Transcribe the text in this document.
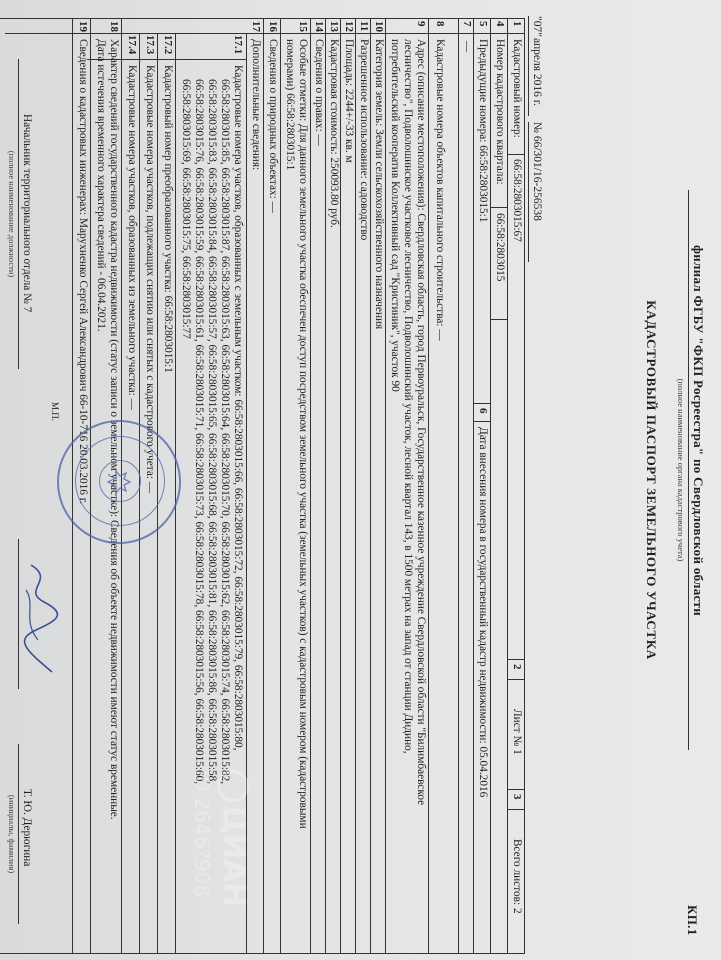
филиал ФГБУ "ФКП Росреестра" по Свердловской области
(полное наименование органа кадастрового учета)
КП.1
КАДАСТРОВЫЙ ПАСПОРТ ЗЕМЕЛЬНОГО УЧАСТКА
"07"
апреля 2016 г.
№ 66/301/16-256538
1
Кадастровый номер:
66:58:2803015:67
2
Лист № 1
3
Всего листов: 2
4
Номер кадастрового квартала:
66:58:2803015
5
Предыдущие номера: 66:58:2803015:1
6
Дата внесения номера в государственный кадастр недвижимости: 05.04.2016
7
—
8
Кадастровые номера объектов капитального строительства: —
9
Адрес (описание местоположения): Свердловская область, город Первоуральск, Государственное казенное учреждение Свердловской области "Билимбаевское
лесничество", Подволошинское участковое лесничество, Подволошинский участок, лесной квартал 143, в 1500 метрах на запад от станции Дидино,
потребительский кооператив Коллективный сад "Кристиник", участок 90
10
Категория земель: Земли сельскохозяйственного назначения
11
Разрешенное использование: садоводство
12
Площадь: 2244+/-33 кв. м
13
Кадастровая стоимость: 250093.80 руб.
14
Сведения о правах: —
15
Особые отметки: Для данного земельного участка обеспечен доступ посредством земельного участка (земельных участков) с кадастровым номером (кадастровыми
номерами) 66:58:2803015:1
16
Сведения о природных объектах: —
17
Дополнительные сведения:
17.1
Кадастровые номера участков, образованных с земельным участком: 66:58:2803015:66, 66:58:2803015:72, 66:58:2803015:79, 66:58:2803015:80,
66:58:2803015:85, 66:58:2803015:87, 66:58:2803015:63, 66:58:2803015:64, 66:58:2803015:70, 66:58:2803015:62, 66:58:2803015:74, 66:58:2803015:82,
66:58:2803015:83, 66:58:2803015:84, 66:58:2803015:57, 66:58:2803015:65, 66:58:2803015:68, 66:58:2803015:81, 66:58:2803015:86, 66:58:2803015:58,
66:58:2803015:76, 66:58:2803015:59, 66:58:2803015:61, 66:58:2803015:71, 66:58:2803015:73, 66:58:2803015:78, 66:58:2803015:56, 66:58:2803015:60,
66:58:2803015:69, 66:58:2803015:75, 66:58:2803015:77
17.2
Кадастровый номер преобразованного участка: 66:58:2803015:1
17.3
Кадастровые номера участков, подлежащих снятию или снятых с кадастрового учета: —
17.4
Кадастровые номера участков, образованных из земельного участка: —
18
Характер сведений государственного кадастра недвижимости (статус записи о земельном участке): Сведения об объекте недвижимости имеют статус временные.
Дата истечения временного характера сведений - 06.04.2021.
19
Сведения о кадастровых инженерах: Марухненко Сергей Александрович 66-10-716 20.03.2016 г.
Начальник территориального отдела № 7
(полное наименование должности)
М.П.
Т. Ю. Дерюгина
(инициалы, фамилия)	ЦИАН
ID 2646?908
